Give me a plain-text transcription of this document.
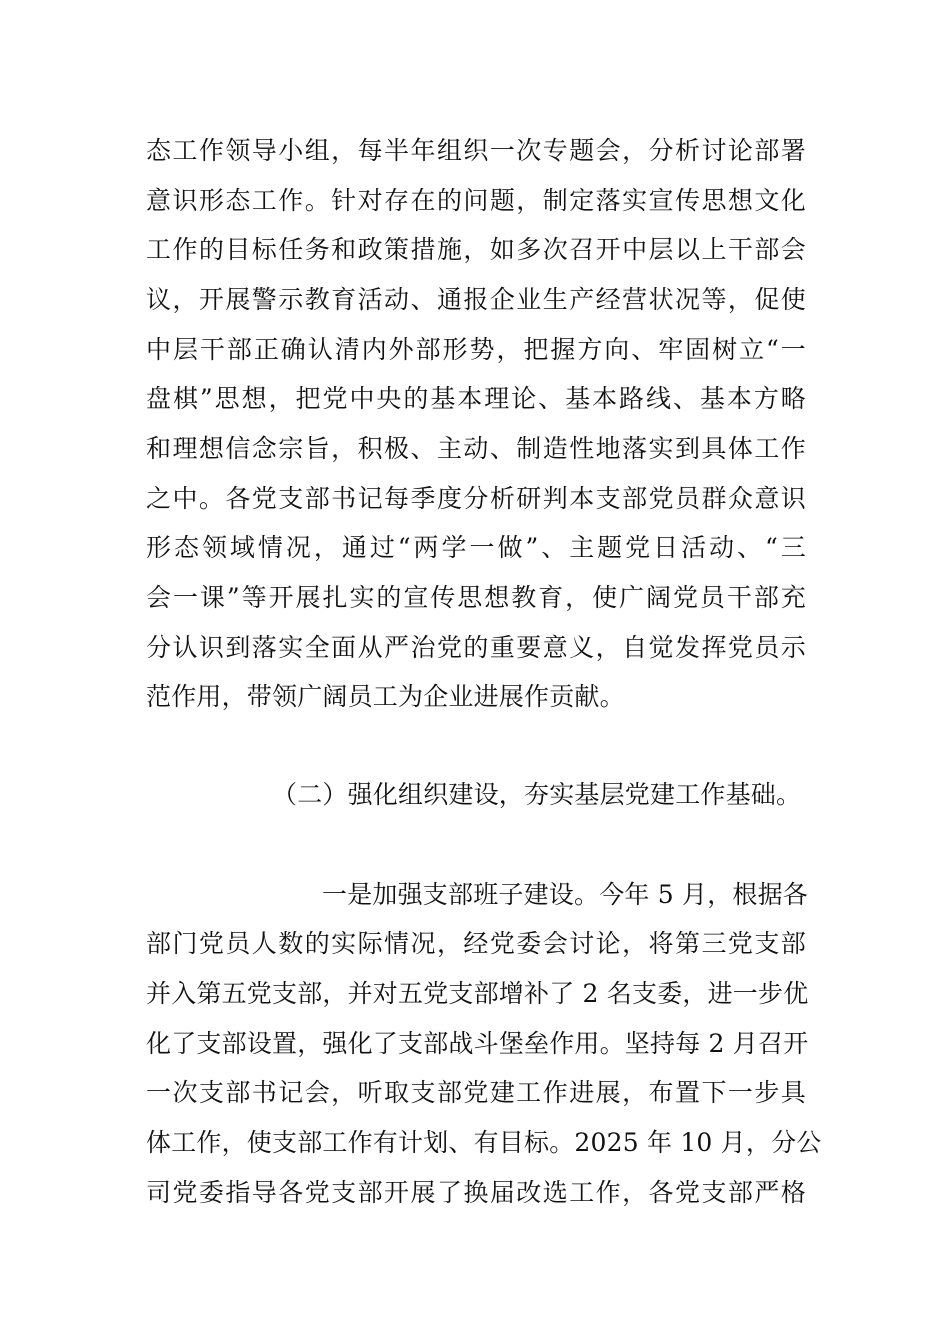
态工作领导小组，每半年组织一次专题会，分析讨论部署
意识形态工作。针对存在的问题，制定落实宣传思想文化
工作的目标任务和政策措施，如多次召开中层以上干部会
议，开展警示教育活动、通报企业生产经营状况等，促使
中层干部正确认清内外部形势，把握方向、牢固树立“一
盘棋”思想，把党中央的基本理论、基本路线、基本方略
和理想信念宗旨，积极、主动、制造性地落实到具体工作
之中。各党支部书记每季度分析研判本支部党员群众意识
形态领域情况，通过“两学一做”、主题党日活动、“三
会一课”等开展扎实的宣传思想教育，使广阔党员干部充
分认识到落实全面从严治党的重要意义，自觉发挥党员示
范作用，带领广阔员工为企业进展作贡献。
（二）强化组织建设，夯实基层党建工作基础。
一是加强支部班子建设。今年 5 月，根据各
部门党员人数的实际情况，经党委会讨论，将第三党支部
并入第五党支部，并对五党支部增补了 2 名支委，进一步优
化了支部设置，强化了支部战斗堡垒作用。坚持每 2 月召开
一次支部书记会，听取支部党建工作进展，布置下一步具
体工作，使支部工作有计划、有目标。2025 年 10 月，分公
司党委指导各党支部开展了换届改选工作，各党支部严格
